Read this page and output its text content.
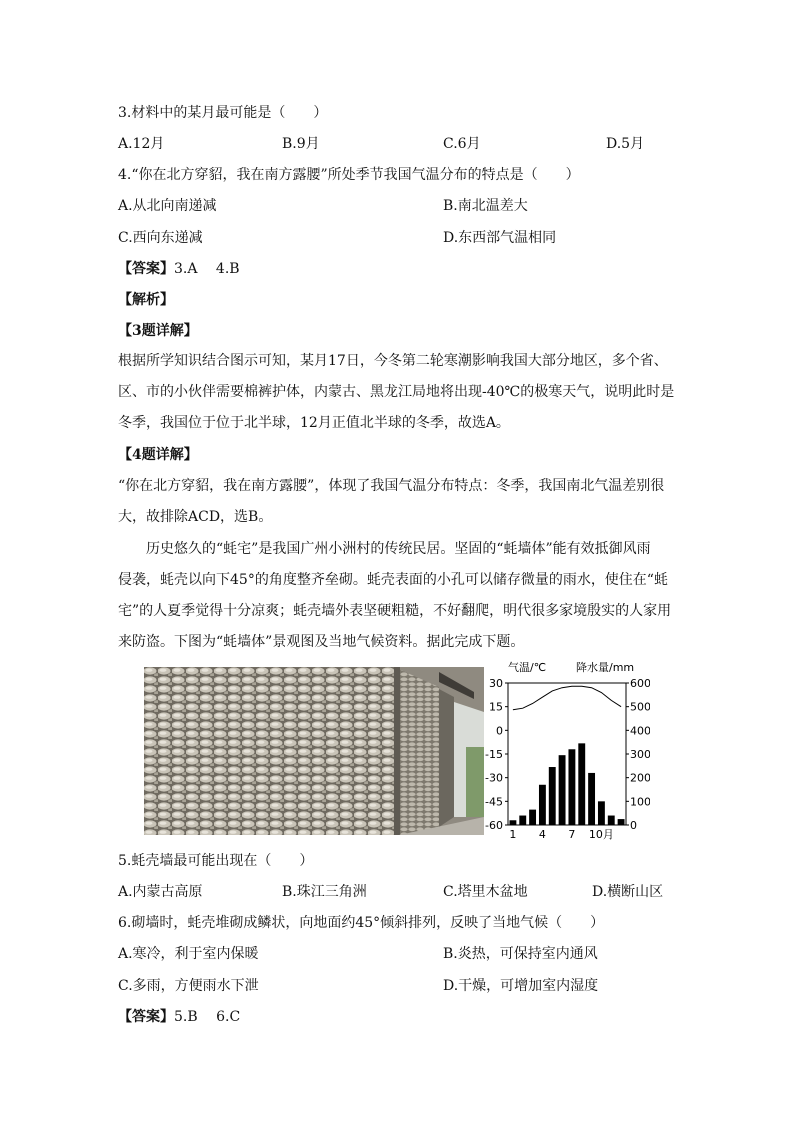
3.材料中的某月最可能是（　　）
A.12月	B.9月	C.6月	D.5月
4.“你在北方穿貂，我在南方露腰”所处季节我国气温分布的特点是（　　）
A.从北向南递减	B.南北温差大
C.西向东递减	D.东西部气温相同
【答案】3.A　 4.B
【解析】
【3题详解】
根据所学知识结合图示可知，某月17日，今冬第二轮寒潮影响我国大部分地区，多个省、
区、市的小伙伴需要棉裤护体，内蒙古、黑龙江局地将出现-40℃的极寒天气，说明此时是
冬季，我国位于位于北半球，12月正值北半球的冬季，故选A。
【4题详解】
“你在北方穿貂，我在南方露腰”，体现了我国气温分布特点：冬季，我国南北气温差别很
大，故排除ACD，选B。
　　历史悠久的“蚝宅”是我国广州小洲村的传统民居。坚固的“蚝墙体”能有效抵御风雨
侵袭，蚝壳以向下45°的角度整齐垒砌。蚝壳表面的小孔可以储存微量的雨水，使住在“蚝
宅”的人夏季觉得十分凉爽；蚝壳墙外表坚硬粗糙，不好翻爬，明代很多家境殷实的人家用
来防盗。下图为“蚝墙体”景观图及当地气候资料。据此完成下题。
气温/℃	降水量/mm
30
15
0
-15
-30
-45
-60
600
500
400
300
200
100
0
1 4 7 10月
5.蚝壳墙最可能出现在（　　）
A.内蒙古高原	B.珠江三角洲	C.塔里木盆地	D.横断山区
6.砌墙时，蚝壳堆砌成鳞状，向地面约45°倾斜排列，反映了当地气候（　　）
A.寒冷，利于室内保暖	B.炎热，可保持室内通风
C.多雨，方便雨水下泄	D.干燥，可增加室内湿度
【答案】5.B　 6.C
